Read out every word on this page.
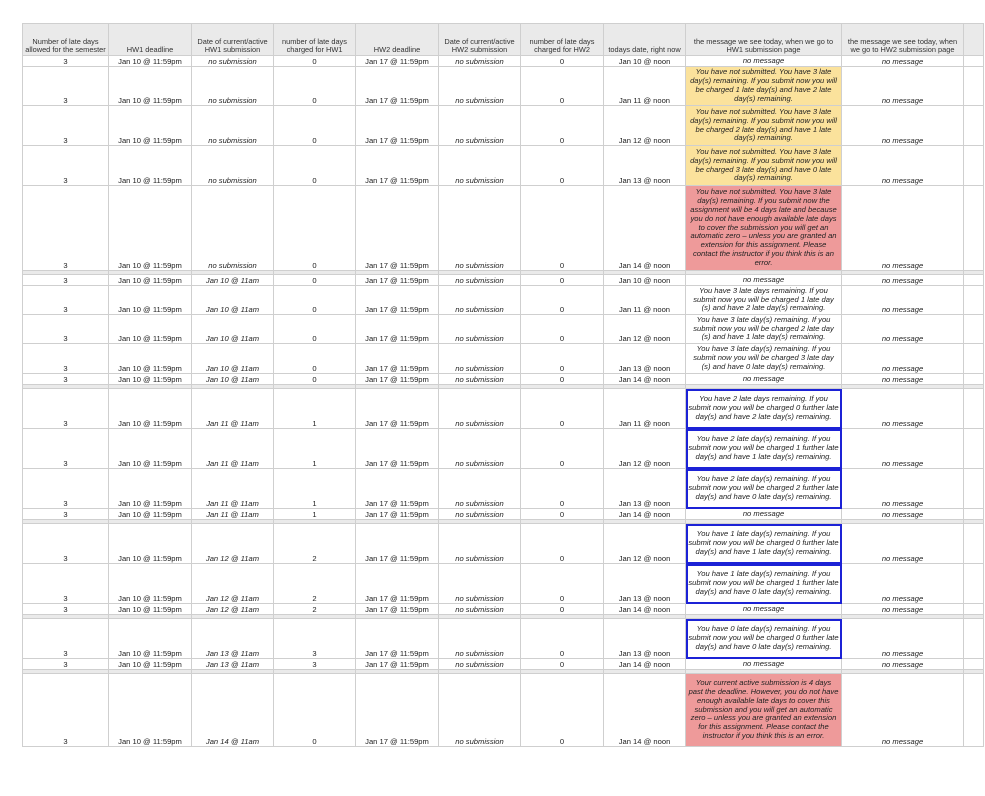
Number of late days allowed for the semester	HW1 deadline	Date of current/active HW1 submission	number of late days charged for HW1	HW2 deadline	Date of current/active HW2 submission	number of late days charged for HW2	todays date, right now	the message we see today, when we go to HW1 submission page	the message we see today, when we go to HW2 submission page	
3	Jan 10 @ 11:59pm	no submission	0	Jan 17 @ 11:59pm	no submission	0	Jan 10 @ noon	no message	no message	
3	Jan 10 @ 11:59pm	no submission	0	Jan 17 @ 11:59pm	no submission	0	Jan 11 @ noon	You have not submitted. You have 3 late day(s) remaining. If you submit now you will be charged 1 late day(s) and have 2 late day(s) remaining.	no message	
3	Jan 10 @ 11:59pm	no submission	0	Jan 17 @ 11:59pm	no submission	0	Jan 12 @ noon	You have not submitted. You have 3 late day(s) remaining. If you submit now you will be charged 2 late day(s) and have 1 late day(s) remaining.	no message	
3	Jan 10 @ 11:59pm	no submission	0	Jan 17 @ 11:59pm	no submission	0	Jan 13 @ noon	You have not submitted. You have 3 late day(s) remaining. If you submit now you will be charged 3 late day(s) and have 0 late day(s) remaining.	no message	
3	Jan 10 @ 11:59pm	no submission	0	Jan 17 @ 11:59pm	no submission	0	Jan 14 @ noon	You have not submitted. You have 3 late day(s) remaining. If you submit now the assignment will be 4 days late and because you do not have enough available late days to cover the submission you will get an automatic zero – unless you are granted an extension for this assignment. Please contact the instructor if you think this is an error.	no message	

3	Jan 10 @ 11:59pm	Jan 10 @ 11am	0	Jan 17 @ 11:59pm	no submission	0	Jan 10 @ noon	no message	no message	
3	Jan 10 @ 11:59pm	Jan 10 @ 11am	0	Jan 17 @ 11:59pm	no submission	0	Jan 11 @ noon	You have 3 late days remaining. If you submit now you will be charged 1 late day (s) and have 2 late day(s) remaining.	no message	
3	Jan 10 @ 11:59pm	Jan 10 @ 11am	0	Jan 17 @ 11:59pm	no submission	0	Jan 12 @ noon	You have 3 late day(s) remaining. If you submit now you will be charged 2 late day (s) and have 1 late day(s) remaining.	no message	
3	Jan 10 @ 11:59pm	Jan 10 @ 11am	0	Jan 17 @ 11:59pm	no submission	0	Jan 13 @ noon	You have 3 late day(s) remaining. If you submit now you will be charged 3 late day (s) and have 0 late day(s) remaining.	no message	
3	Jan 10 @ 11:59pm	Jan 10 @ 11am	0	Jan 17 @ 11:59pm	no submission	0	Jan 14 @ noon	no message	no message	

3	Jan 10 @ 11:59pm	Jan 11 @ 11am	1	Jan 17 @ 11:59pm	no submission	0	Jan 11 @ noon	You have 2 late days remaining. If you submit now you will be charged 0 further late day(s) and have 2 late day(s) remaining.	no message	
3	Jan 10 @ 11:59pm	Jan 11 @ 11am	1	Jan 17 @ 11:59pm	no submission	0	Jan 12 @ noon	You have 2 late day(s) remaining. If you submit now you will be charged 1 further late day(s) and have 1 late day(s) remaining.	no message	
3	Jan 10 @ 11:59pm	Jan 11 @ 11am	1	Jan 17 @ 11:59pm	no submission	0	Jan 13 @ noon	You have 2 late day(s) remaining. If you submit now you will be charged 2 further late day(s) and have 0 late day(s) remaining.	no message	
3	Jan 10 @ 11:59pm	Jan 11 @ 11am	1	Jan 17 @ 11:59pm	no submission	0	Jan 14 @ noon	no message	no message	

3	Jan 10 @ 11:59pm	Jan 12 @ 11am	2	Jan 17 @ 11:59pm	no submission	0	Jan 12 @ noon	You have 1 late day(s) remaining. If you submit now you will be charged 0 further late day(s) and have 1 late day(s) remaining.	no message	
3	Jan 10 @ 11:59pm	Jan 12 @ 11am	2	Jan 17 @ 11:59pm	no submission	0	Jan 13 @ noon	You have 1 late day(s) remaining. If you submit now you will be charged 1 further late day(s) and have 0 late day(s) remaining.	no message	
3	Jan 10 @ 11:59pm	Jan 12 @ 11am	2	Jan 17 @ 11:59pm	no submission	0	Jan 14 @ noon	no message	no message	

3	Jan 10 @ 11:59pm	Jan 13 @ 11am	3	Jan 17 @ 11:59pm	no submission	0	Jan 13 @ noon	You have 0 late day(s) remaining. If you submit now you will be charged 0 further late day(s) and have 0 late day(s) remaining.	no message	
3	Jan 10 @ 11:59pm	Jan 13 @ 11am	3	Jan 17 @ 11:59pm	no submission	0	Jan 14 @ noon	no message	no message	

3	Jan 10 @ 11:59pm	Jan 14 @ 11am	0	Jan 17 @ 11:59pm	no submission	0	Jan 14 @ noon	Your current active submission is 4 days past the deadline. However, you do not have enough available late days to cover this submission and you will get an automatic zero – unless you are granted an extension for this assignment. Please contact the instructor if you think this is an error.	no message	
